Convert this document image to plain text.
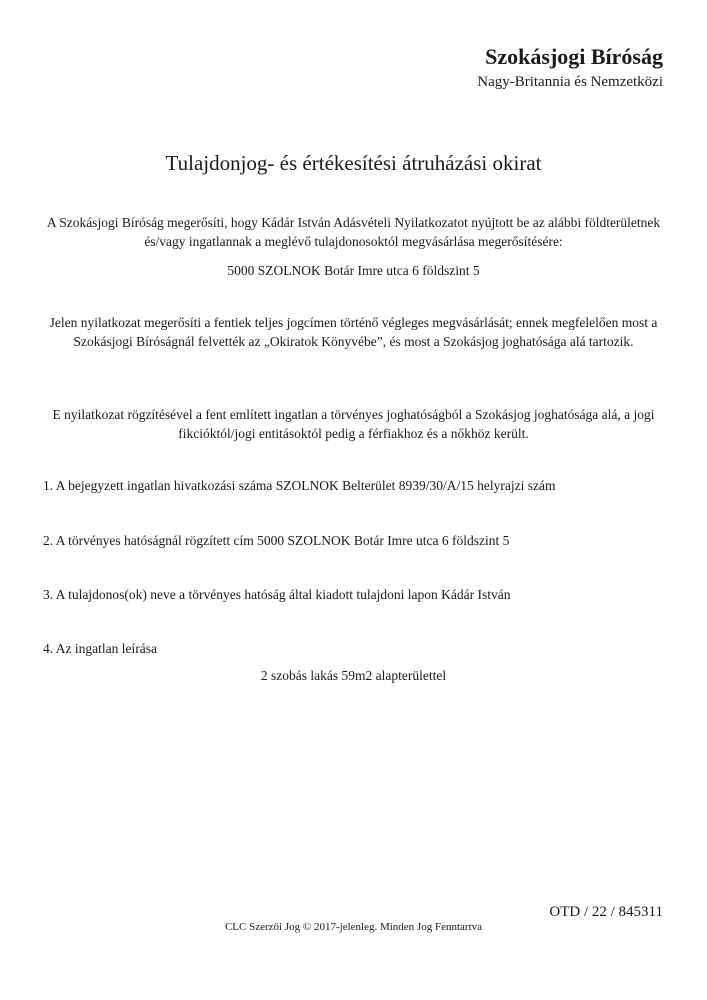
Szokásjogi Bíróság
Nagy-Britannia és Nemzetközi
Tulajdonjog- és értékesítési átruházási okirat
A Szokásjogi Bíróság megerősíti, hogy Kádár István Adásvételi Nyilatkozatot nyújtott be az alábbi földterületnek és/vagy ingatlannak a meglévő tulajdonosoktól megvásárlása megerősítésére:
5000 SZOLNOK Botár Imre utca 6 földszint 5
Jelen nyilatkozat megerősíti a fentiek teljes jogcímen történő végleges megvásárlását; ennek megfelelően most a Szokásjogi Bíróságnál felvették az „Okiratok Könyvébe”, és most a Szokásjog joghatósága alá tartozik.
E nyilatkozat rögzítésével a fent említett ingatlan a törvényes joghatóságból a Szokásjog joghatósága alá, a jogi fikcióktól/jogi entitásoktól pedig a férfiakhoz és a nőkhöz került.
1. A bejegyzett ingatlan hivatkozási száma SZOLNOK Belterület 8939/30/A/15 helyrajzi szám
2. A törvényes hatóságnál rögzített cím 5000 SZOLNOK Botár Imre utca 6 földszint 5
3. A tulajdonos(ok) neve a törvényes hatóság által kiadott tulajdoni lapon Kádár István
4. Az ingatlan leírása
2 szobás lakás 59m2 alapterülettel
OTD / 22 / 845311
CLC Szerzői Jog © 2017-jelenleg. Minden Jog Fenntartva
